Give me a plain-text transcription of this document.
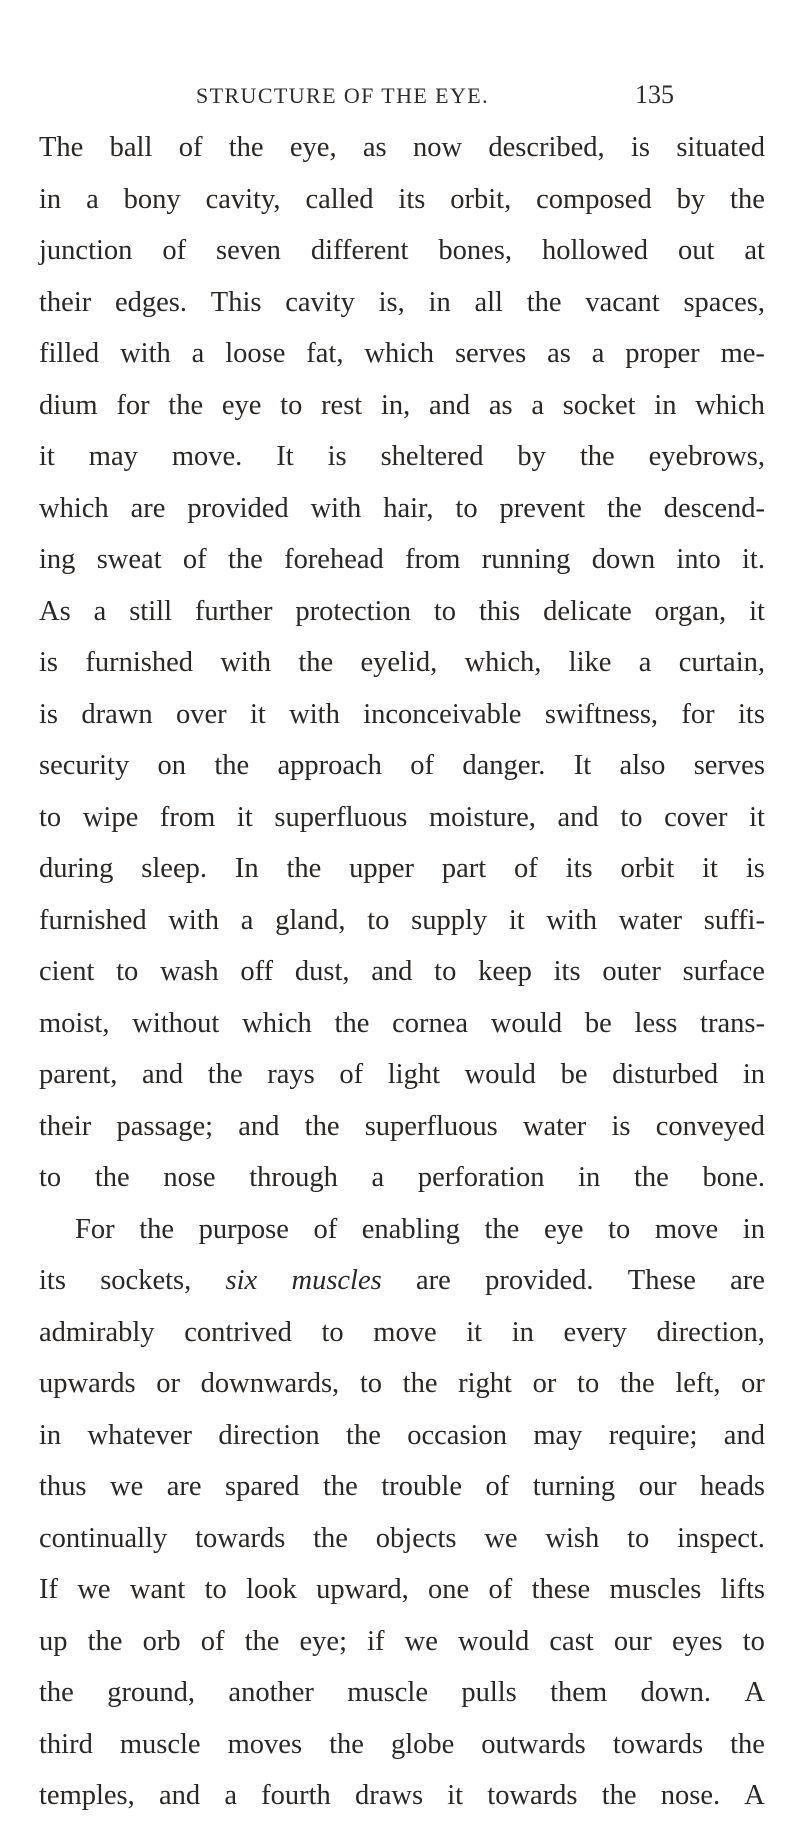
STRUCTURE OF THE EYE.	135
The ball of the eye, as now described, is situated
in a bony cavity, called its orbit, composed by the
junction of seven different bones, hollowed out at
their edges. This cavity is, in all the vacant spaces,
filled with a loose fat, which serves as a proper me-
dium for the eye to rest in, and as a socket in which
it may move. It is sheltered by the eyebrows,
which are provided with hair, to prevent the descend-
ing sweat of the forehead from running down into it.
As a still further protection to this delicate organ, it
is furnished with the eyelid, which, like a curtain,
is drawn over it with inconceivable swiftness, for its
security on the approach of danger. It also serves
to wipe from it superfluous moisture, and to cover it
during sleep. In the upper part of its orbit it is
furnished with a gland, to supply it with water suffi-
cient to wash off dust, and to keep its outer surface
moist, without which the cornea would be less trans-
parent, and the rays of light would be disturbed in
their passage; and the superfluous water is conveyed
to the nose through a perforation in the bone.
For the purpose of enabling the eye to move in
its sockets, six muscles are provided. These are
admirably contrived to move it in every direction,
upwards or downwards, to the right or to the left, or
in whatever direction the occasion may require; and
thus we are spared the trouble of turning our heads
continually towards the objects we wish to inspect.
If we want to look upward, one of these muscles lifts
up the orb of the eye; if we would cast our eyes to
the ground, another muscle pulls them down. A
third muscle moves the globe outwards towards the
temples, and a fourth draws it towards the nose. A
